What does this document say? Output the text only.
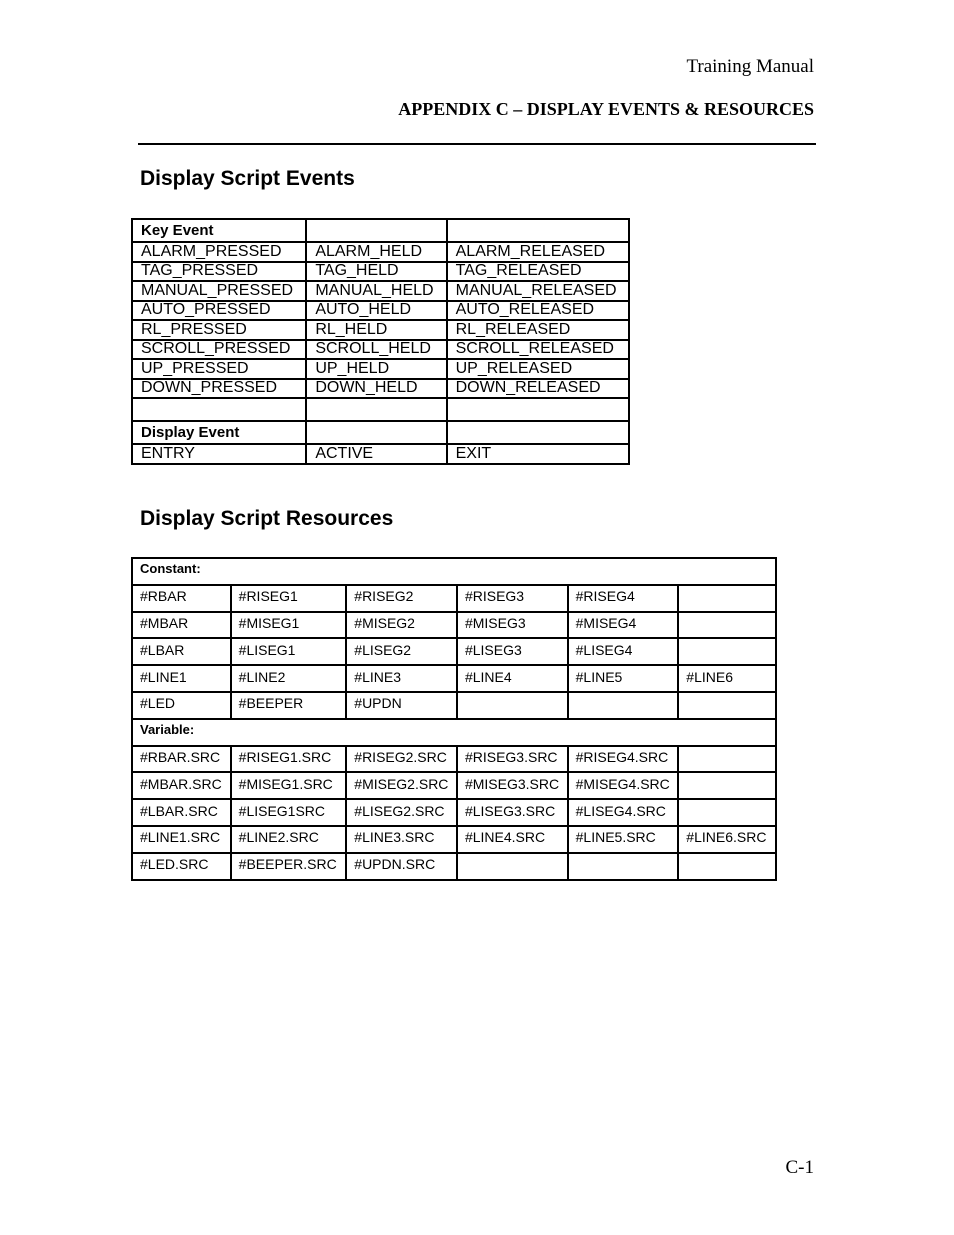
Training Manual
APPENDIX C – DISPLAY EVENTS & RESOURCES
Display Script Events
Key Event		
ALARM_PRESSED	ALARM_HELD	ALARM_RELEASED
TAG_PRESSED	TAG_HELD	TAG_RELEASED
MANUAL_PRESSED	MANUAL_HELD	MANUAL_RELEASED
AUTO_PRESSED	AUTO_HELD	AUTO_RELEASED
RL_PRESSED	RL_HELD	RL_RELEASED
SCROLL_PRESSED	SCROLL_HELD	SCROLL_RELEASED
UP_PRESSED	UP_HELD	UP_RELEASED
DOWN_PRESSED	DOWN_HELD	DOWN_RELEASED

Display Event		
ENTRY	ACTIVE	EXIT
Display Script Resources
Constant:					
#RBAR	#RISEG1	#RISEG2	#RISEG3	#RISEG4	
#MBAR	#MISEG1	#MISEG2	#MISEG3	#MISEG4	
#LBAR	#LISEG1	#LISEG2	#LISEG3	#LISEG4	
#LINE1	#LINE2	#LINE3	#LINE4	#LINE5	#LINE6
#LED	#BEEPER	#UPDN			
Variable:					
#RBAR.SRC	#RISEG1.SRC	#RISEG2.SRC	#RISEG3.SRC	#RISEG4.SRC	
#MBAR.SRC	#MISEG1.SRC	#MISEG2.SRC	#MISEG3.SRC	#MISEG4.SRC	
#LBAR.SRC	#LISEG1SRC	#LISEG2.SRC	#LISEG3.SRC	#LISEG4.SRC	
#LINE1.SRC	#LINE2.SRC	#LINE3.SRC	#LINE4.SRC	#LINE5.SRC	#LINE6.SRC
#LED.SRC	#BEEPER.SRC	#UPDN.SRC			
C-1
